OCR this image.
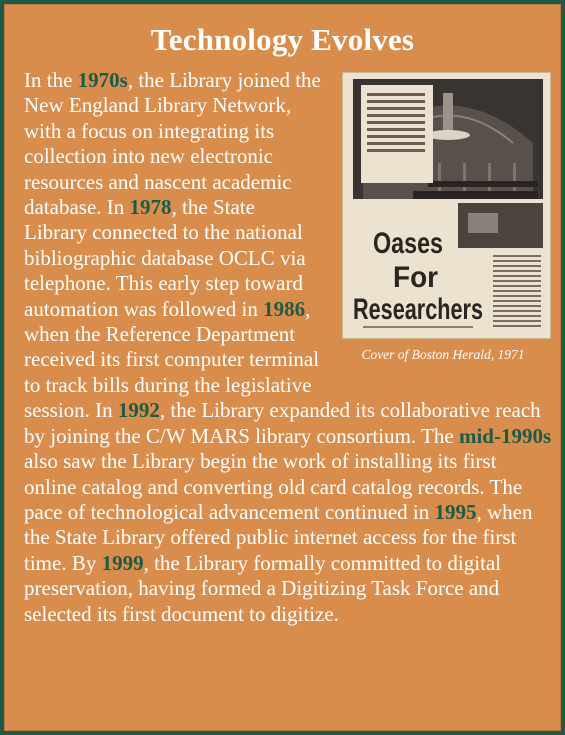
Technology Evolves
Oases
For
Researchers
Cover of Boston Herald, 1971
In the 1970s, the Library joined the New England Library Network, with a focus on integrating its collection into new electronic resources and nascent academic database. In 1978, the State Library connected to the national bibliographic database OCLC via telephone. This early step toward automation was followed in 1986, when the Reference Department received its first computer terminal to track bills during the legislative session. In 1992, the Library expanded its collaborative reach by joining the C/W MARS library consortium. The mid-1990s also saw the Library begin the work of installing its first online catalog and converting old card catalog records. The pace of technological advancement continued in 1995, when the State Library offered public internet access for the first time. By 1999, the Library formally committed to digital preservation, having formed a Digitizing Task Force and selected its first document to digitize.
